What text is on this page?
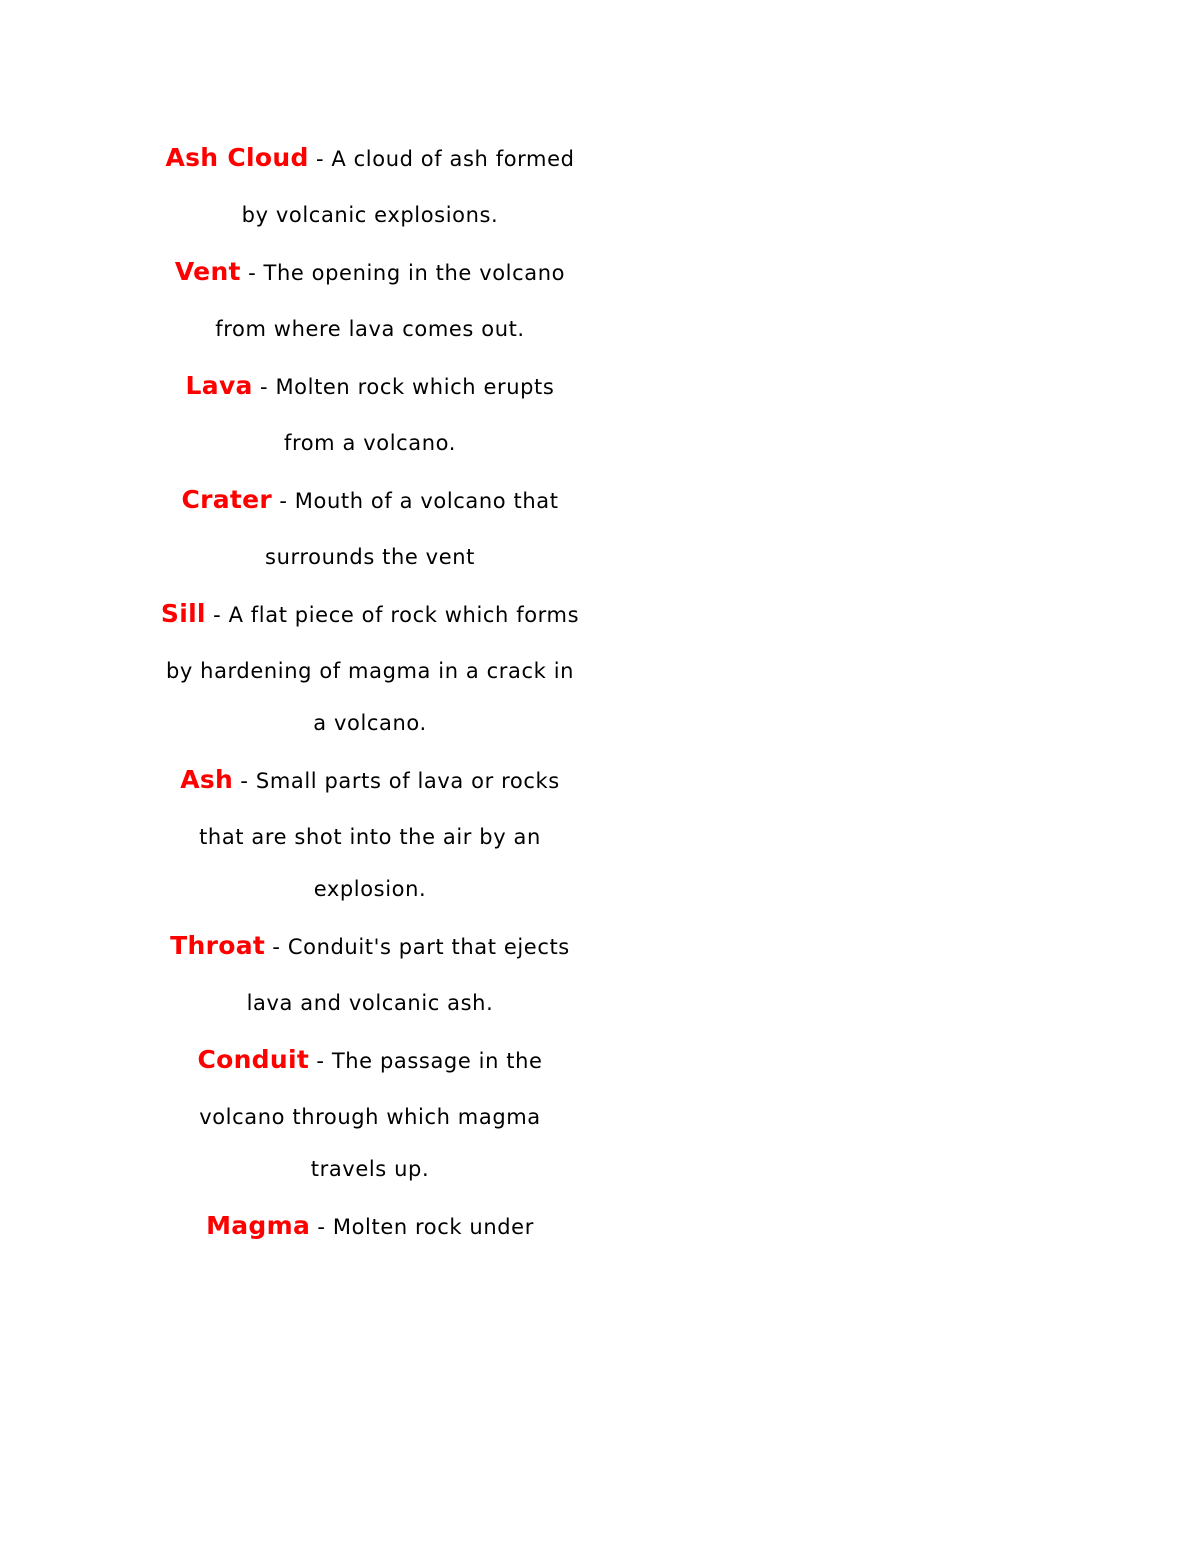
Ash Cloud - A cloud of ash formed
by volcanic explosions.
Vent - The opening in the volcano
from where lava comes out.
Lava - Molten rock which erupts
from a volcano.
Crater - Mouth of a volcano that
surrounds the vent
Sill - A flat piece of rock which forms
by hardening of magma in a crack in
a volcano.
Ash - Small parts of lava or rocks
that are shot into the air by an
explosion.
Throat - Conduit's part that ejects
lava and volcanic ash.
Conduit - The passage in the
volcano through which magma
travels up.
Magma - Molten rock under
